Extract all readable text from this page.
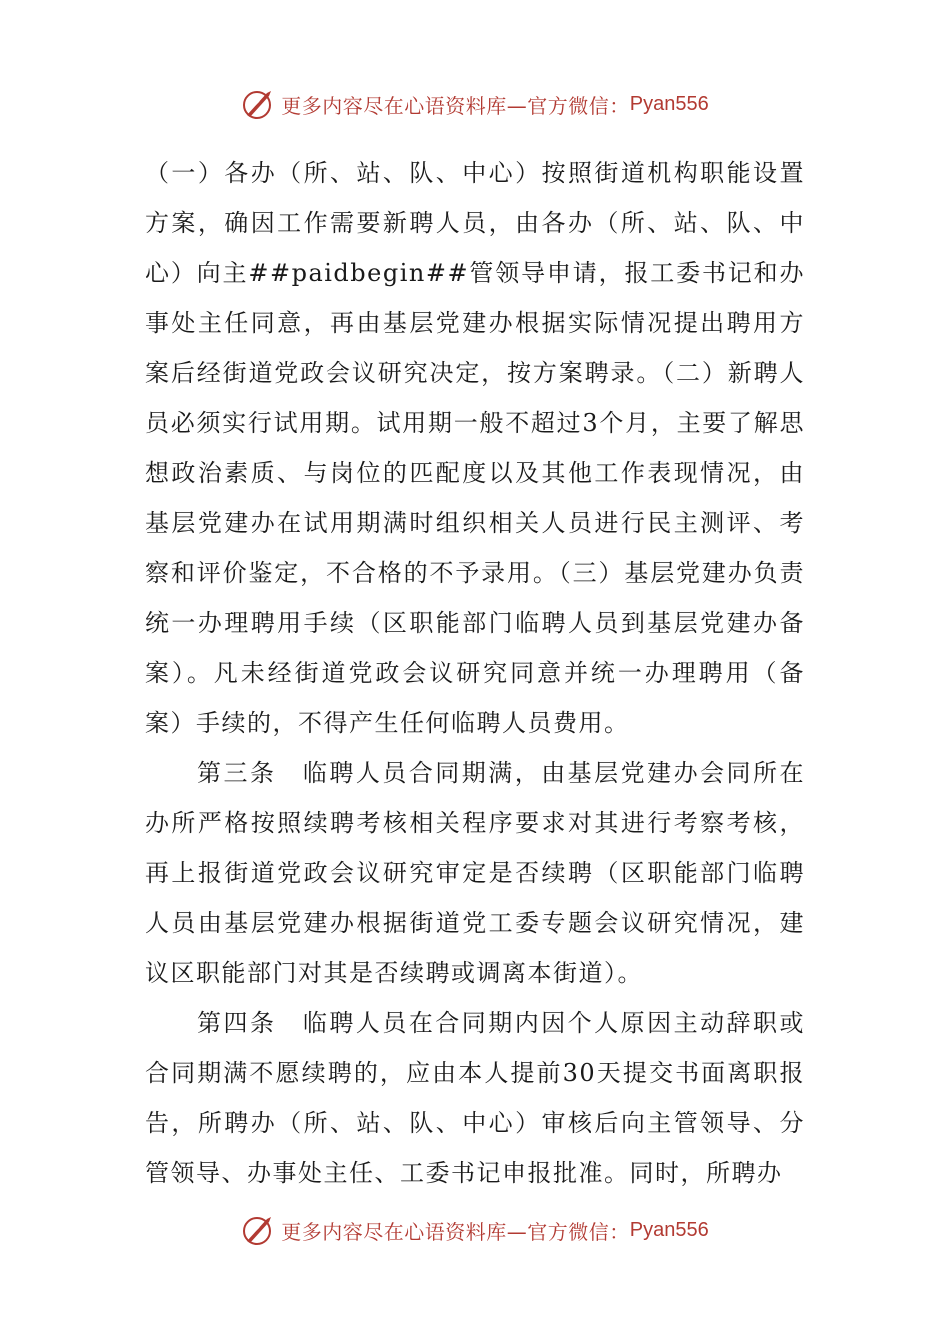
更多内容尽在心语资料库—官方微信： Pyan556

（一）各办（所、站、队、中心）按照街道机构职能设置方案，确因工作需要新聘人员，由各办（所、站、队、中心）向主##paidbegin##管领导申请，报工委书记和办事处主任同意，再由基层党建办根据实际情况提出聘用方案后经街道党政会议研究决定，按方案聘录。（二）新聘人员必须实行试用期。试用期一般不超过3个月，主要了解思想政治素质、与岗位的匹配度以及其他工作表现情况，由基层党建办在试用期满时组织相关人员进行民主测评、考察和评价鉴定，不合格的不予录用。（三）基层党建办负责统一办理聘用手续（区职能部门临聘人员到基层党建办备案）。凡未经街道党政会议研究同意并统一办理聘用（备案）手续的，不得产生任何临聘人员费用。

第三条　临聘人员合同期满，由基层党建办会同所在办所严格按照续聘考核相关程序要求对其进行考察考核，再上报街道党政会议研究审定是否续聘（区职能部门临聘人员由基层党建办根据街道党工委专题会议研究情况，建议区职能部门对其是否续聘或调离本街道）。

第四条　临聘人员在合同期内因个人原因主动辞职或合同期满不愿续聘的，应由本人提前30天提交书面离职报告，所聘办（所、站、队、中心）审核后向主管领导、分管领导、办事处主任、工委书记申报批准。同时，所聘办

更多内容尽在心语资料库—官方微信： Pyan556
